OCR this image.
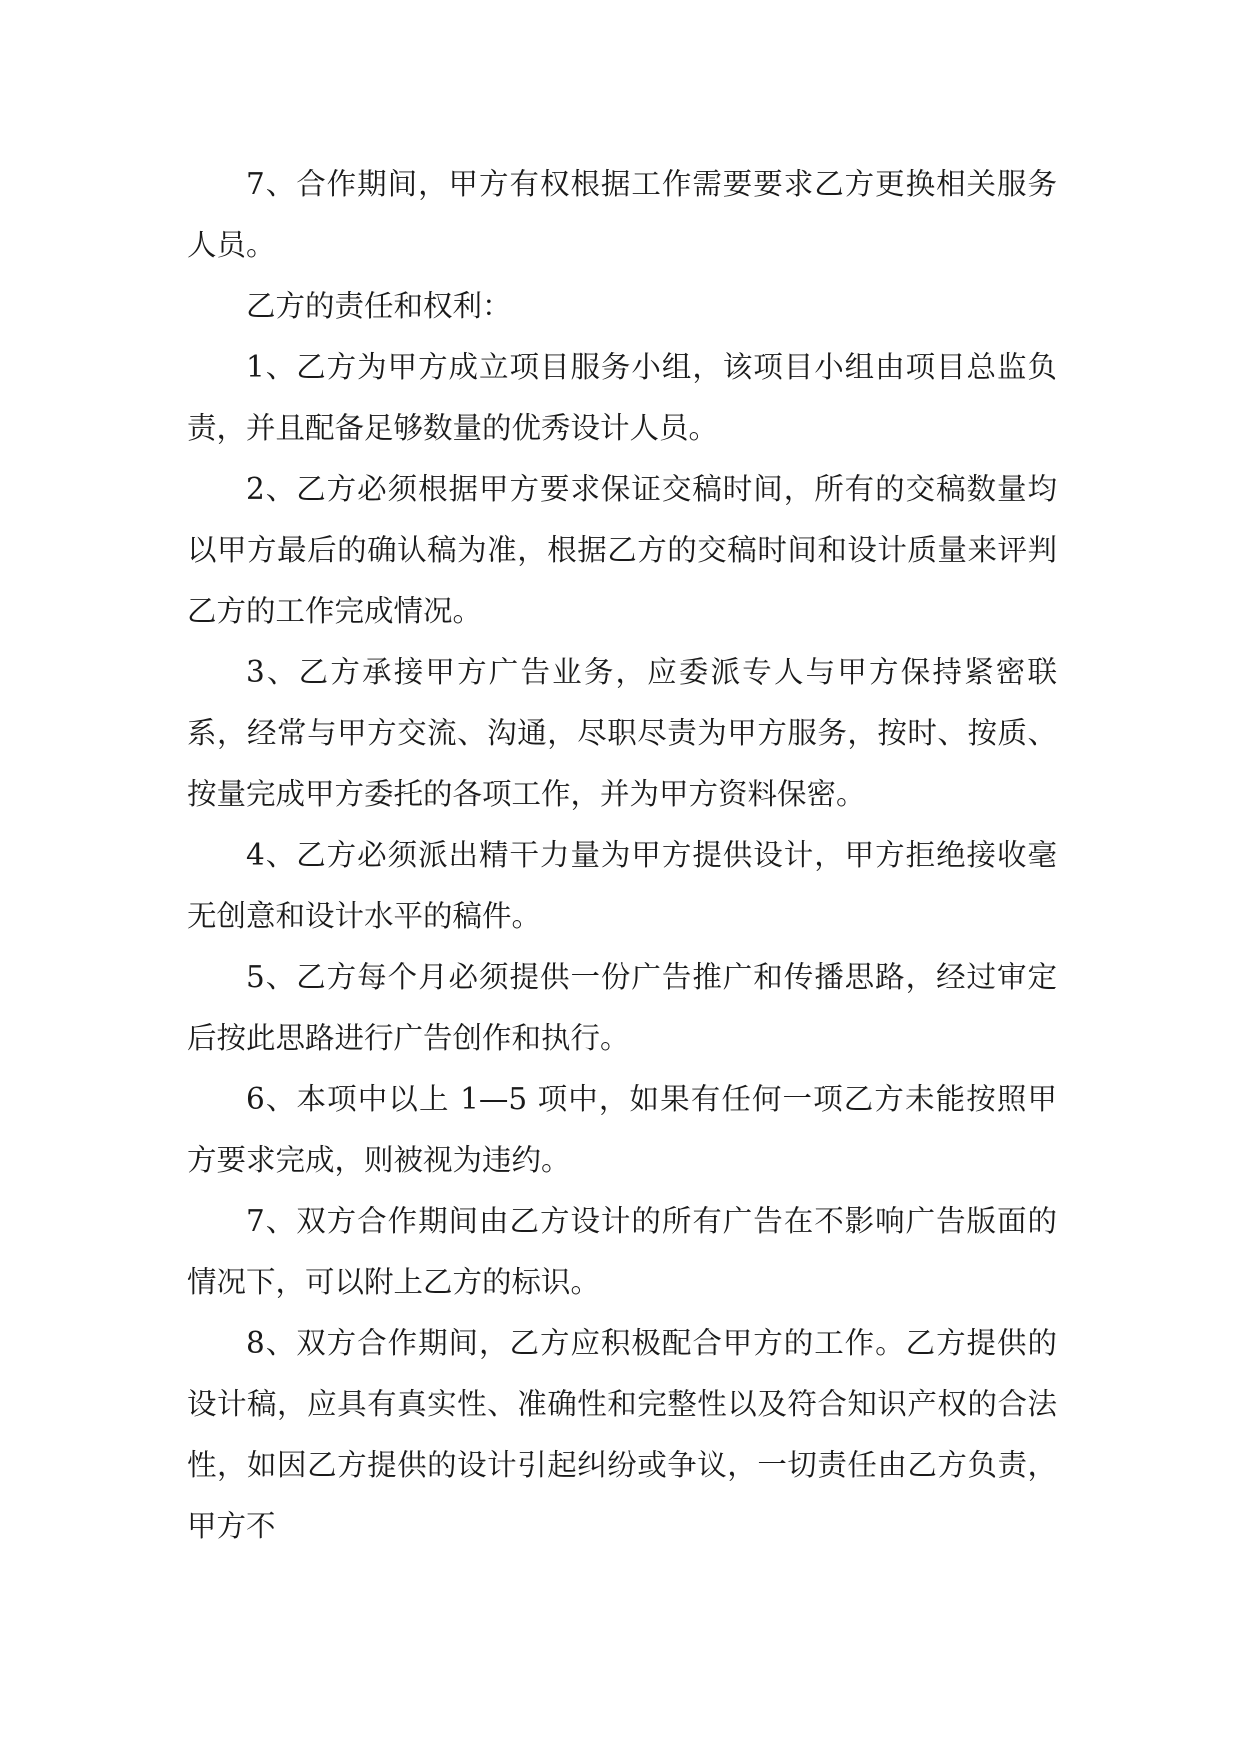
7、合作期间，甲方有权根据工作需要要求乙方更换相关服务人员。

乙方的责任和权利：

1、乙方为甲方成立项目服务小组，该项目小组由项目总监负责，并且配备足够数量的优秀设计人员。

2、乙方必须根据甲方要求保证交稿时间，所有的交稿数量均以甲方最后的确认稿为准，根据乙方的交稿时间和设计质量来评判乙方的工作完成情况。

3、乙方承接甲方广告业务，应委派专人与甲方保持紧密联系，经常与甲方交流、沟通，尽职尽责为甲方服务，按时、按质、按量完成甲方委托的各项工作，并为甲方资料保密。

4、乙方必须派出精干力量为甲方提供设计，甲方拒绝接收毫无创意和设计水平的稿件。

5、乙方每个月必须提供一份广告推广和传播思路，经过审定后按此思路进行广告创作和执行。

6、本项中以上 1—5 项中，如果有任何一项乙方未能按照甲方要求完成，则被视为违约。

7、双方合作期间由乙方设计的所有广告在不影响广告版面的情况下，可以附上乙方的标识。

8、双方合作期间，乙方应积极配合甲方的工作。乙方提供的设计稿，应具有真实性、准确性和完整性以及符合知识产权的合法性，如因乙方提供的设计引起纠纷或争议，一切责任由乙方负责，甲方不
